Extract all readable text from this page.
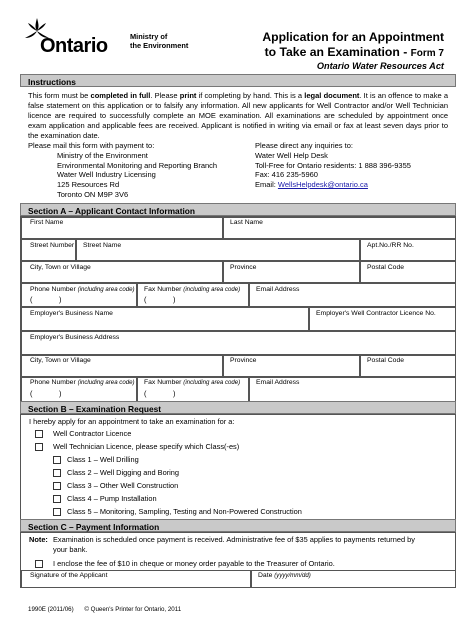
Ontario	Ministry of
the Environment
Application for an Appointment
to Take an Examination - Form 7
Ontario Water Resources Act
Instructions
This form must be completed in full. Please print if completing by hand. This is a legal document. It is an offence to make a false statement on this application or to falsify any information. All new applicants for Well Contractor and/or Well Technician licence are required to successfully complete an MOE examination. All examinations are scheduled by appointment once exam application and applicable fees are received. Applicant is notified in writing via email or fax at least seven days prior to the examination date.
Please mail this form with payment to:
Ministry of the Environment
Environmental Monitoring and Reporting Branch
Water Well Industry Licensing
125 Resources Rd
Toronto ON M9P 3V6
Please direct any inquiries to:
Water Well Help Desk
Toll-Free for Ontario residents: 1 888 396-9355
Fax: 416 235-5960
Email: WellsHelpdesk@ontario.ca
Section A – Applicant Contact Information
First Name	Last Name
Street Number Street Name	Apt.No./RR No.
City, Town or Village	Province	Postal Code
Phone Number (including area code)
(	)
Fax Number (including area code)
(	)
Email Address
Employer's Business Name	Employer's Well Contractor Licence No.
Employer's Business Address
City, Town or Village	Province	Postal Code
Phone Number (including area code)
(	)
Fax Number (including area code)
(	)
Email Address
Section B – Examination Request
I hereby apply for an appointment to take an examination for a:
Well Contractor Licence
Well Technician Licence, please specify which Class(-es)
Class 1 – Well Drilling
Class 2 – Well Digging and Boring
Class 3 – Other Well Construction
Class 4 – Pump Installation
Class 5 – Monitoring, Sampling, Testing and Non-Powered Construction
Section C – Payment Information
Note: Examination is scheduled once payment is received. Administrative fee of $35 applies to payments returned by
your bank.
I enclose the fee of $10 in cheque or money order payable to the Treasurer of Ontario.
Signature of the Applicant	Date (yyyy/mm/dd)
1990E (2011/06) © Queen's Printer for Ontario, 2011
